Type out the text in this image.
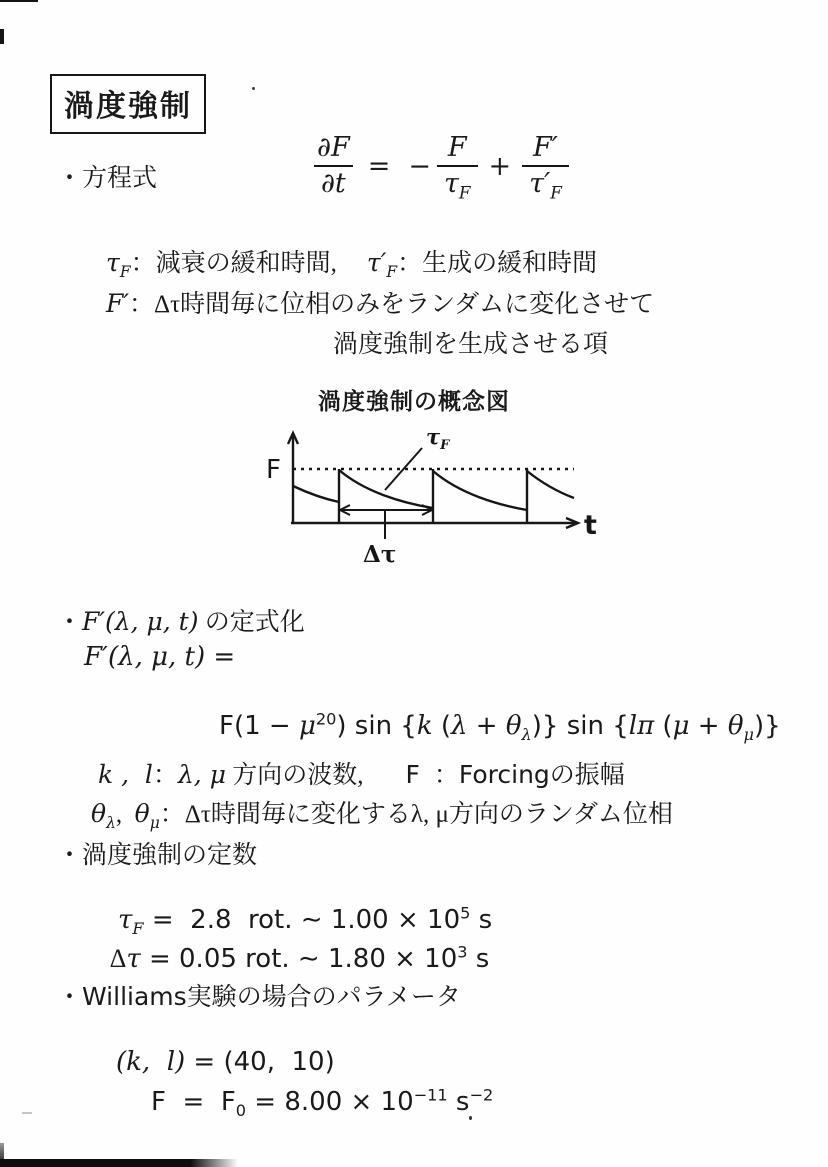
渦度強制
・方程式	$\frac{\partial F}{\partial t}$ = − $\frac{F}{\tau_F} + \frac{F'}{\tau'_F}$
$\tau_F$：減衰の緩和時間, $\tau'_F$：生成の緩和時間
F′：Δτ時間毎に位相のみをランダムに変化させて
渦度強制を生成させる項
渦度強制の概念図
$\tau_F$
Δτ
F
t
・F′(λ, μ, t) の定式化
F′(λ, μ, t) =

$F(1 - \mu^{20})$ sin {k $(\lambda + \theta_\lambda)$} sin {lπ $(\mu + \theta_\mu)$}

k ,  l：λ, μ 方向の波数, F ：Forcingの振幅

$\theta_\lambda$,  $\theta_\mu$：Δτ時間毎に変化するλ, μ方向のランダム位相

・渦度強制の定数

$\tau_F = 2.8$  rot. ∼ $1.00 \times 10^5$ s

Δτ = 0.05 rot. ∼ $1.80 \times 10^3$ s

・Williams実験の場合のパラメータ

(k,  l) = (40,  10)

$F = F_0 = 8.00 \times 10^{-11}$ $s^{-2}$
